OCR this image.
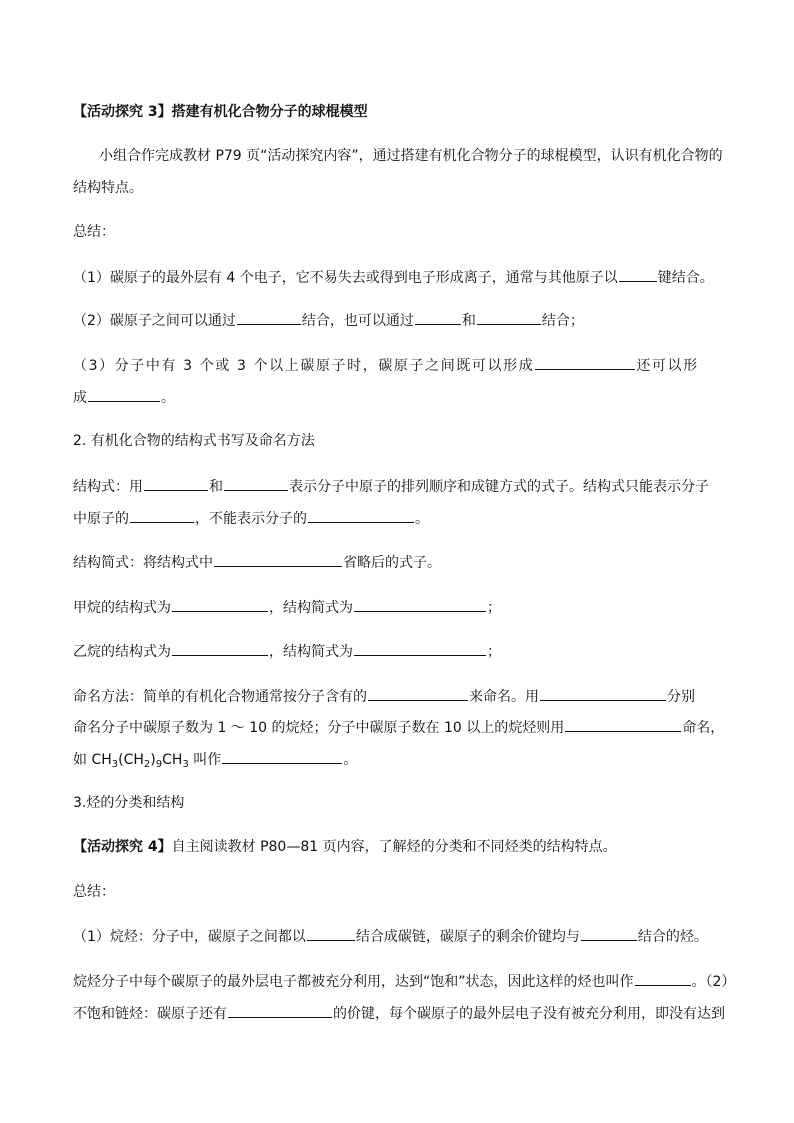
【活动探究 3】搭建有机化合物分子的球棍模型
小组合作完成教材 P79 页“活动探究内容”，通过搭建有机化合物分子的球棍模型，认识有机化合物的
结构特点。
总结：
（1）碳原子的最外层有 4 个电子，它不易失去或得到电子形成离子，通常与其他原子以	键结合。
（2）碳原子之间可以通过	结合，也可以通过	和	结合；
（3）分子中有 3 个或 3 个以上碳原子时，碳原子之间既可以形成	还可以形
成	。
2. 有机化合物的结构式书写及命名方法
结构式：用	和	表示分子中原子的排列顺序和成键方式的式子。结构式只能表示分子
中原子的	，不能表示分子的	。
结构简式：将结构式中	省略后的式子。
甲烷的结构式为	，结构简式为	；
乙烷的结构式为	，结构简式为	；
命名方法：简单的有机化合物通常按分子含有的	来命名。用	分别
命名分子中碳原子数为 1 ～ 10 的烷烃；分子中碳原子数在 10 以上的烷烃则用	命名，
如 $CH_3(CH_2)_9CH_3$ 叫作	。
3.烃的分类和结构
【活动探究 4】自主阅读教材 P80—81 页内容，了解烃的分类和不同烃类的结构特点。
总结：
（1）烷烃：分子中，碳原子之间都以	结合成碳链，碳原子的剩余价键均与	结合的烃。
烷烃分子中每个碳原子的最外层电子都被充分利用，达到“饱和”状态，因此这样的烃也叫作	。（2）
不饱和链烃：碳原子还有	的价键，每个碳原子的最外层电子没有被充分利用，即没有达到
